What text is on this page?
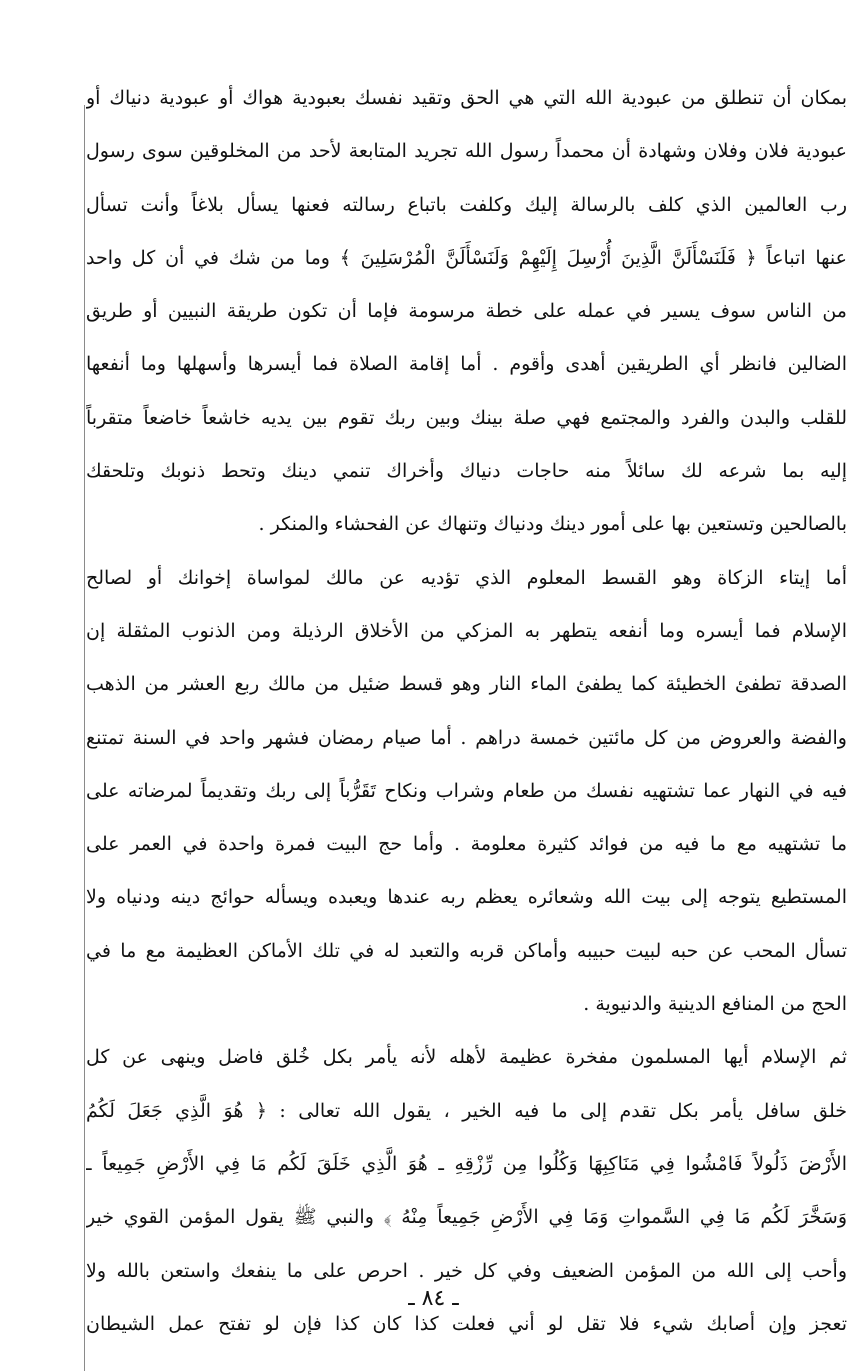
بمكان أن تنطلق من عبودية الله التي هي الحق وتقيد نفسك بعبودية هواك أو عبودية دنياك أو
عبودية فلان وفلان وشهادة أن محمداً رسول الله تجريد المتابعة لأحد من المخلوقين سوى رسول
رب العالمين الذي كلف بالرسالة إليك وكلفت باتباع رسالته فعنها يسأل بلاغاً وأنت تسأل
عنها اتباعاً ﴿ فَلَنَسْأَلَنَّ الَّذِينَ أُرْسِلَ إِلَيْهِمْ وَلَنَسْأَلَنَّ الْمُرْسَلِينَ ﴾ وما من شك في أن كل واحد
من الناس سوف يسير في عمله على خطة مرسومة فإما أن تكون طريقة النبيين أو طريق
الضالين فانظر أي الطريقين أهدى وأقوم . أما إقامة الصلاة فما أيسرها وأسهلها وما أنفعها
للقلب والبدن والفرد والمجتمع فهي صلة بينك وبين ربك تقوم بين يديه خاشعاً خاضعاً متقرباً
إليه بما شرعه لك سائلاً منه حاجات دنياك وأخراك تنمي دينك وتحط ذنوبك وتلحقك
بالصالحين وتستعين بها على أمور دينك ودنياك وتنهاك عن الفحشاء والمنكر .
أما إيتاء الزكاة وهو القسط المعلوم الذي تؤديه عن مالك لمواساة إخوانك أو لصالح
الإسلام فما أيسره وما أنفعه يتطهر به المزكي من الأخلاق الرذيلة ومن الذنوب المثقلة إن
الصدقة تطفئ الخطيئة كما يطفئ الماء النار وهو قسط ضئيل من مالك ربع العشر من الذهب
والفضة والعروض من كل مائتين خمسة دراهم . أما صيام رمضان فشهر واحد في السنة تمتنع
فيه في النهار عما تشتهيه نفسك من طعام وشراب ونكاح تَقَرُّباً إلى ربك وتقديماً لمرضاته على
ما تشتهيه مع ما فيه من فوائد كثيرة معلومة . وأما حج البيت فمرة واحدة في العمر على
المستطيع يتوجه إلى بيت الله وشعائره يعظم ربه عندها ويعبده ويسأله حوائج دينه ودنياه ولا
تسأل المحب عن حبه لبيت حبيبه وأماكن قربه والتعبد له في تلك الأماكن العظيمة مع ما في
الحج من المنافع الدينية والدنيوية .
ثم الإسلام أيها المسلمون مفخرة عظيمة لأهله لأنه يأمر بكل خُلق فاضل وينهى عن كل
خلق سافل يأمر بكل تقدم إلى ما فيه الخير ، يقول الله تعالى : ﴿ هُوَ الَّذِي جَعَلَ لَكُمُ
الأَرْضَ ذَلُولاً فَامْشُوا فِي مَنَاكِبِهَا وَكُلُوا مِن رِّزْقِهِ ـ هُوَ الَّذِي خَلَقَ لَكُم مَا فِي الأَرْضِ جَمِيعاً ـ
وَسَخَّرَ لَكُم مَا فِي السَّمواتِ وَمَا فِي الأَرْضِ جَمِيعاً مِنْهُ ﴾ والنبي ﷺ يقول المؤمن القوي خير
وأحب إلى الله من المؤمن الضعيف وفي كل خير . احرص على ما ينفعك واستعن بالله ولا
تعجز وإن أصابك شيء فلا تقل لو أني فعلت كذا كان كذا فإن لو تفتح عمل الشيطان
ـ ٨٤ ـ
